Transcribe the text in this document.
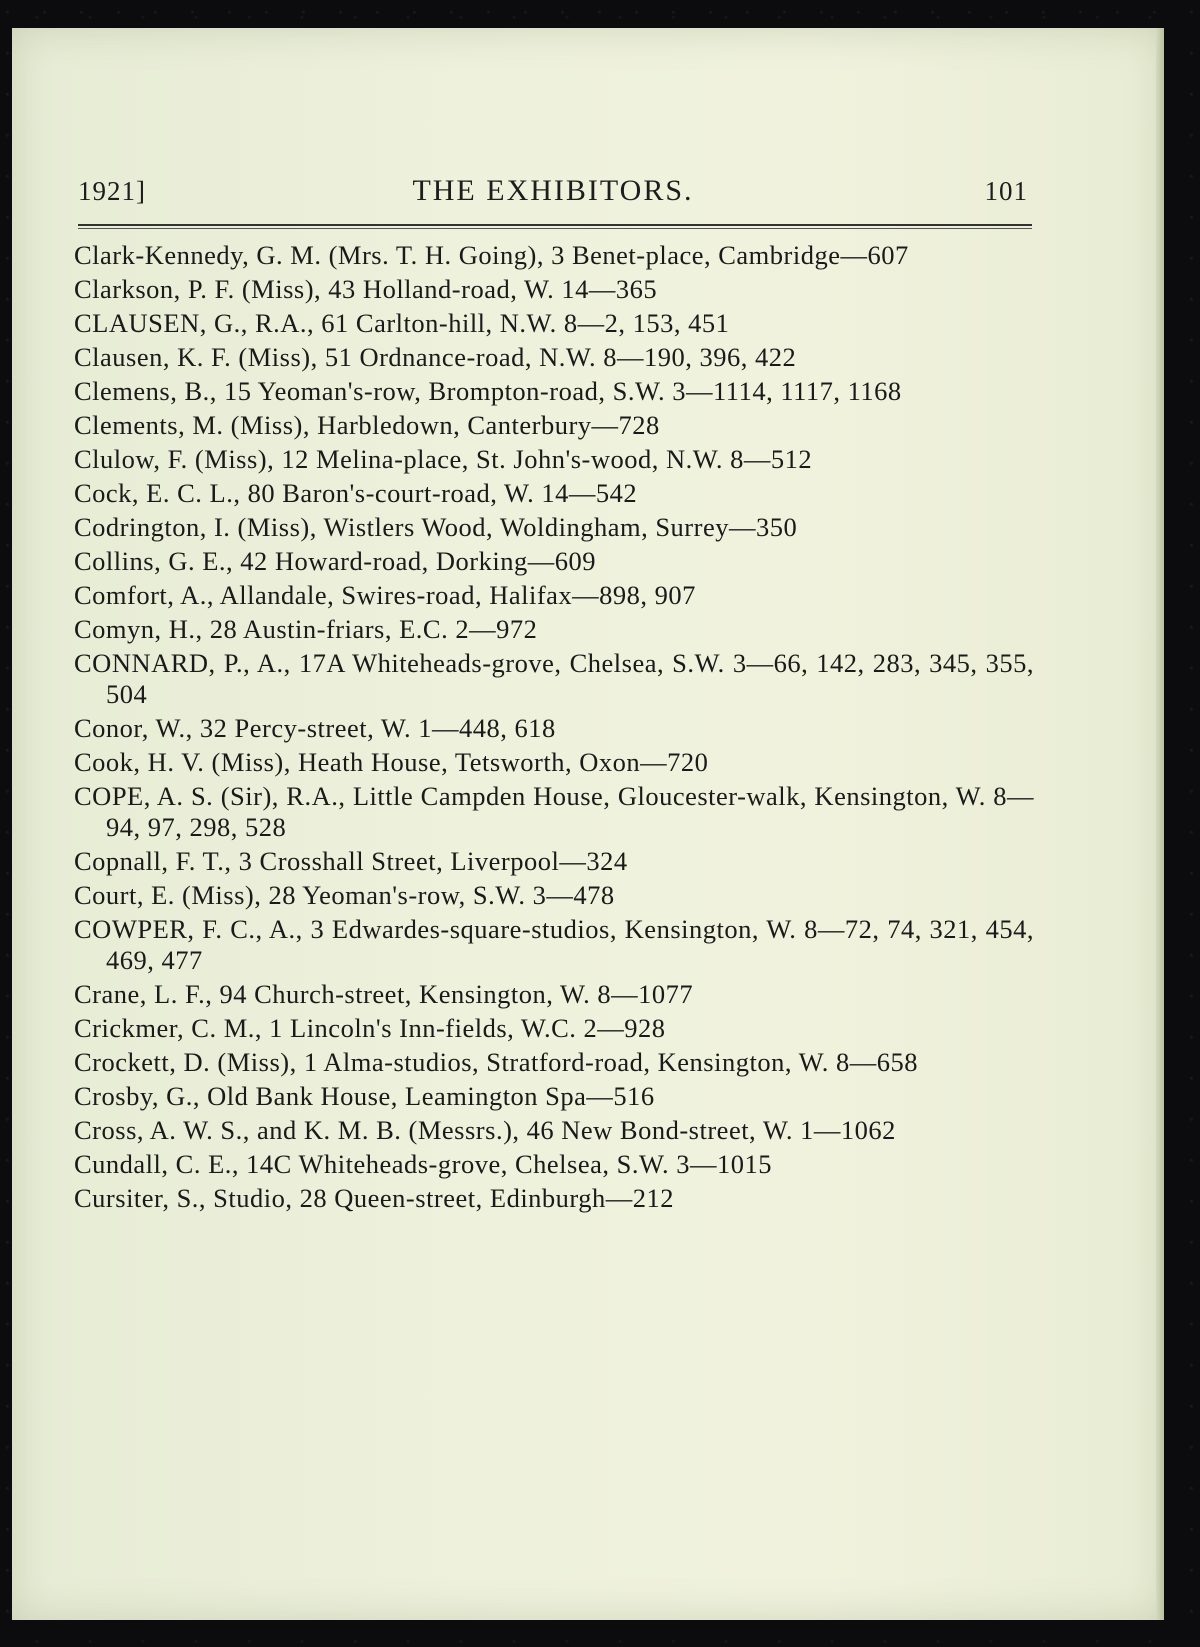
1921]	THE EXHIBITORS.	101
Clark-Kennedy, G. M. (Mrs. T. H. Going), 3 Benet-place, Cambridge—607
Clarkson, P. F. (Miss), 43 Holland-road, W. 14—365
CLAUSEN, G., R.A., 61 Carlton-hill, N.W. 8—2, 153, 451
Clausen, K. F. (Miss), 51 Ordnance-road, N.W. 8—190, 396, 422
Clemens, B., 15 Yeoman's-row, Brompton-road, S.W. 3—1114, 1117, 1168
Clements, M. (Miss), Harbledown, Canterbury—728
Clulow, F. (Miss), 12 Melina-place, St. John's-wood, N.W. 8—512
Cock, E. C. L., 80 Baron's-court-road, W. 14—542
Codrington, I. (Miss), Wistlers Wood, Woldingham, Surrey—350
Collins, G. E., 42 Howard-road, Dorking—609
Comfort, A., Allandale, Swires-road, Halifax—898, 907
Comyn, H., 28 Austin-friars, E.C. 2—972
CONNARD, P., A., 17A Whiteheads-grove, Chelsea, S.W. 3—66, 142, 283, 345, 355, 504
Conor, W., 32 Percy-street, W. 1—448, 618
Cook, H. V. (Miss), Heath House, Tetsworth, Oxon—720
COPE, A. S. (Sir), R.A., Little Campden House, Gloucester-walk, Kensington, W. 8—94, 97, 298, 528
Copnall, F. T., 3 Crosshall Street, Liverpool—324
Court, E. (Miss), 28 Yeoman's-row, S.W. 3—478
COWPER, F. C., A., 3 Edwardes-square-studios, Kensington, W. 8—72, 74, 321, 454, 469, 477
Crane, L. F., 94 Church-street, Kensington, W. 8—1077
Crickmer, C. M., 1 Lincoln's Inn-fields, W.C. 2—928
Crockett, D. (Miss), 1 Alma-studios, Stratford-road, Kensington, W. 8—658
Crosby, G., Old Bank House, Leamington Spa—516
Cross, A. W. S., and K. M. B. (Messrs.), 46 New Bond-street, W. 1—1062
Cundall, C. E., 14C Whiteheads-grove, Chelsea, S.W. 3—1015
Cursiter, S., Studio, 28 Queen-street, Edinburgh—212
